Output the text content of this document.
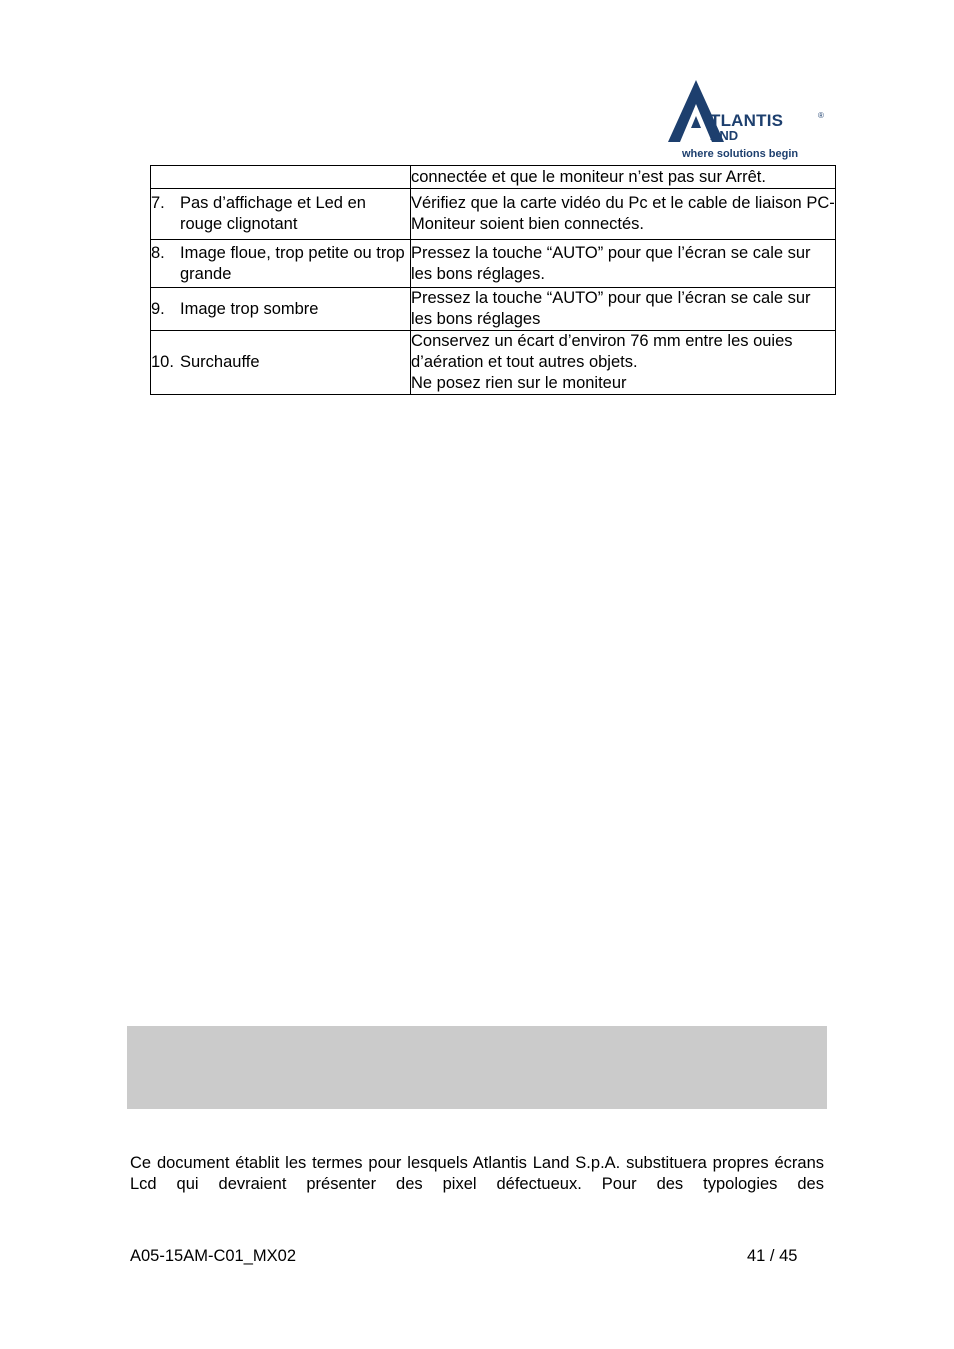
TLANTIS	®
AND
where solutions begin

	connectée et que le moniteur n’est pas sur Arrêt.

7. Pas d’affichage et Led en rouge clignotant	Vérifiez que la carte vidéo du Pc et le cable de liaison PC-Moniteur soient bien connectés.

8. Image floue, trop petite ou trop grande	Pressez la touche “AUTO” pour que l’écran se cale sur les bons réglages.

9. Image trop sombre	Pressez la touche “AUTO” pour que l’écran se cale sur les bons réglages

10. Surchauffe	Conservez un écart d’environ 76 mm entre les ouies d’aération et tout autres objets.
Ne posez rien sur le moniteur

Ce document établit les termes pour lesquels Atlantis Land S.p.A. substituera propres écrans Lcd qui devraient présenter des pixel défectueux. Pour des typologies des

A05-15AM-C01_MX02	41 / 45
